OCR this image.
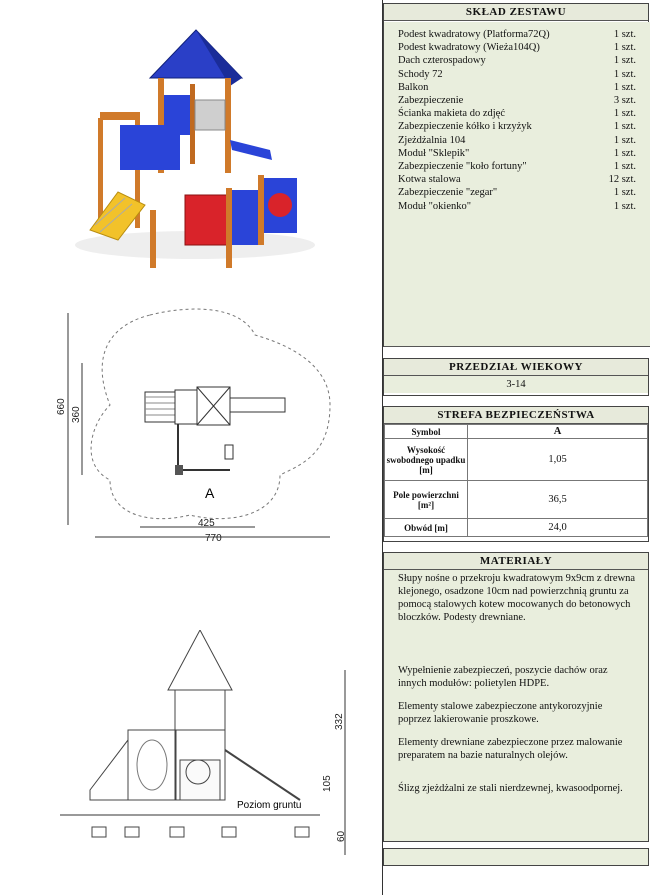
660 360
425
770
A
332
105
60
Poziom gruntu
SKŁAD ZESTAWU
Podest kwadratowy (Platforma72Q)	1 szt.
Podest kwadratowy (Wieża104Q)	1 szt.
Dach czterospadowy	1 szt.
Schody 72	1 szt.
Balkon	1 szt.
Zabezpieczenie	3 szt.
Ścianka makieta do zdjęć	1 szt.
Zabezpieczenie kółko i krzyżyk	1 szt.
Zjeżdżalnia 104	1 szt.
Moduł "Sklepik"	1 szt.
Zabezpieczenie "koło fortuny"	1 szt.
Kotwa stalowa	12 szt.
Zabezpieczenie "zegar"	1 szt.
Moduł "okienko"	1 szt.
PRZEDZIAŁ WIEKOWY
3-14
STREFA BEZPIECZEŃSTWA
Symbol	A
Wysokość swobodnego upadku [m]	1,05
Pole powierzchni [m²]	36,5
Obwód [m]	24,0
MATERIAŁY

Słupy nośne o przekroju kwadratowym 9x9cm z drewna klejonego, osadzone 10cm nad powierzchnią gruntu za pomocą stalowych kotew mocowanych do betonowych bloczków. Podesty drewniane.

Wypełnienie zabezpieczeń, poszycie dachów oraz innych modułów: polietylen HDPE.

Elementy stalowe zabezpieczone antykorozyjnie poprzez lakierowanie proszkowe.

Elementy drewniane zabezpieczone przez malowanie preparatem na bazie naturalnych olejów.

Ślizg zjeżdżalni ze stali nierdzewnej, kwasoodpornej.
